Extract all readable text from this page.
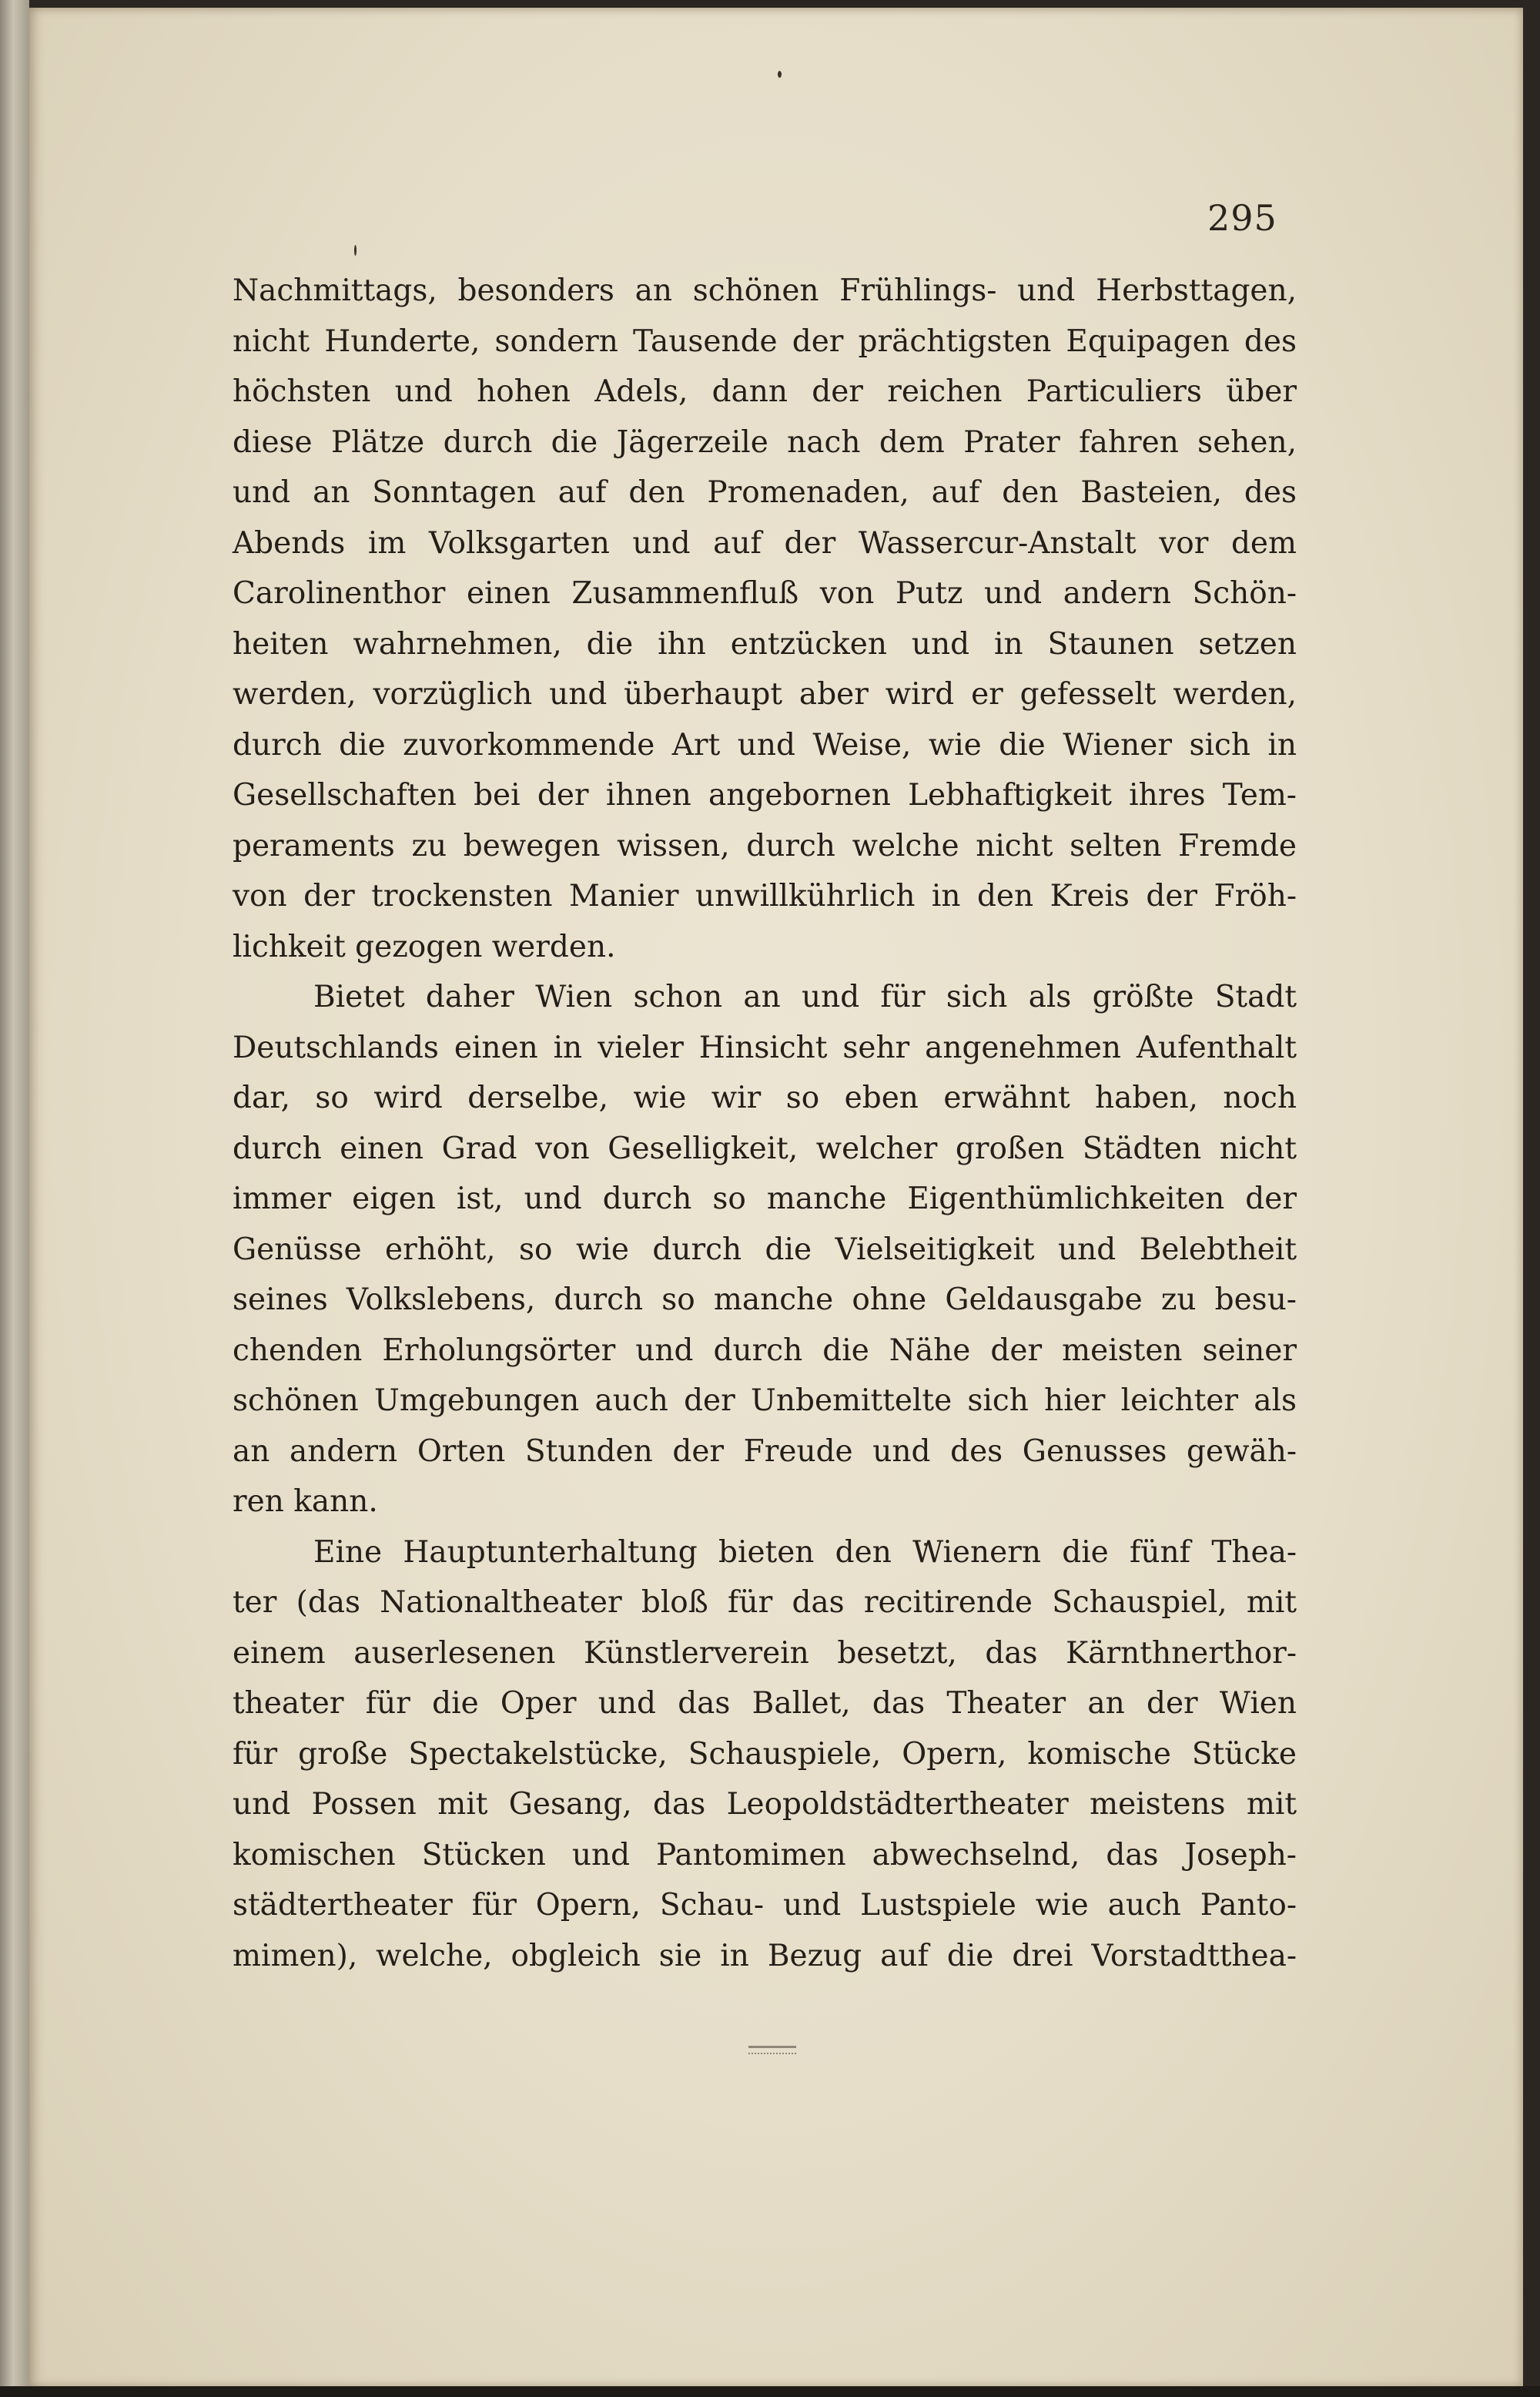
295
Nachmittags, besonders an schönen Frühlings- und Herbsttagen,
nicht Hunderte, sondern Tausende der prächtigsten Equipagen des
höchsten und hohen Adels, dann der reichen Particuliers über
diese Plätze durch die Jägerzeile nach dem Prater fahren sehen,
und an Sonntagen auf den Promenaden, auf den Basteien, des
Abends im Volksgarten und auf der Wassercur-Anstalt vor dem
Carolinenthor einen Zusammenfluß von Putz und andern Schön-
heiten wahrnehmen, die ihn entzücken und in Staunen setzen
werden, vorzüglich und überhaupt aber wird er gefesselt werden,
durch die zuvorkommende Art und Weise, wie die Wiener sich in
Gesellschaften bei der ihnen angebornen Lebhaftigkeit ihres Tem-
peraments zu bewegen wissen, durch welche nicht selten Fremde
von der trockensten Manier unwillkührlich in den Kreis der Fröh-
lichkeit gezogen werden.
Bietet daher Wien schon an und für sich als größte Stadt
Deutschlands einen in vieler Hinsicht sehr angenehmen Aufenthalt
dar, so wird derselbe, wie wir so eben erwähnt haben, noch
durch einen Grad von Geselligkeit, welcher großen Städten nicht
immer eigen ist, und durch so manche Eigenthümlichkeiten der
Genüsse erhöht, so wie durch die Vielseitigkeit und Belebtheit
seines Volkslebens, durch so manche ohne Geldausgabe zu besu-
chenden Erholungsörter und durch die Nähe der meisten seiner
schönen Umgebungen auch der Unbemittelte sich hier leichter als
an andern Orten Stunden der Freude und des Genusses gewäh-
ren kann.
Eine Hauptunterhaltung bieten den Wienern die fünf Thea-
ter (das Nationaltheater bloß für das recitirende Schauspiel, mit
einem auserlesenen Künstlerverein besetzt, das Kärnthnerthor-
theater für die Oper und das Ballet, das Theater an der Wien
für große Spectakelstücke, Schauspiele, Opern, komische Stücke
und Possen mit Gesang, das Leopoldstädtertheater meistens mit
komischen Stücken und Pantomimen abwechselnd, das Joseph-
städtertheater für Opern, Schau- und Lustspiele wie auch Panto-
mimen), welche, obgleich sie in Bezug auf die drei Vorstadtthea-
